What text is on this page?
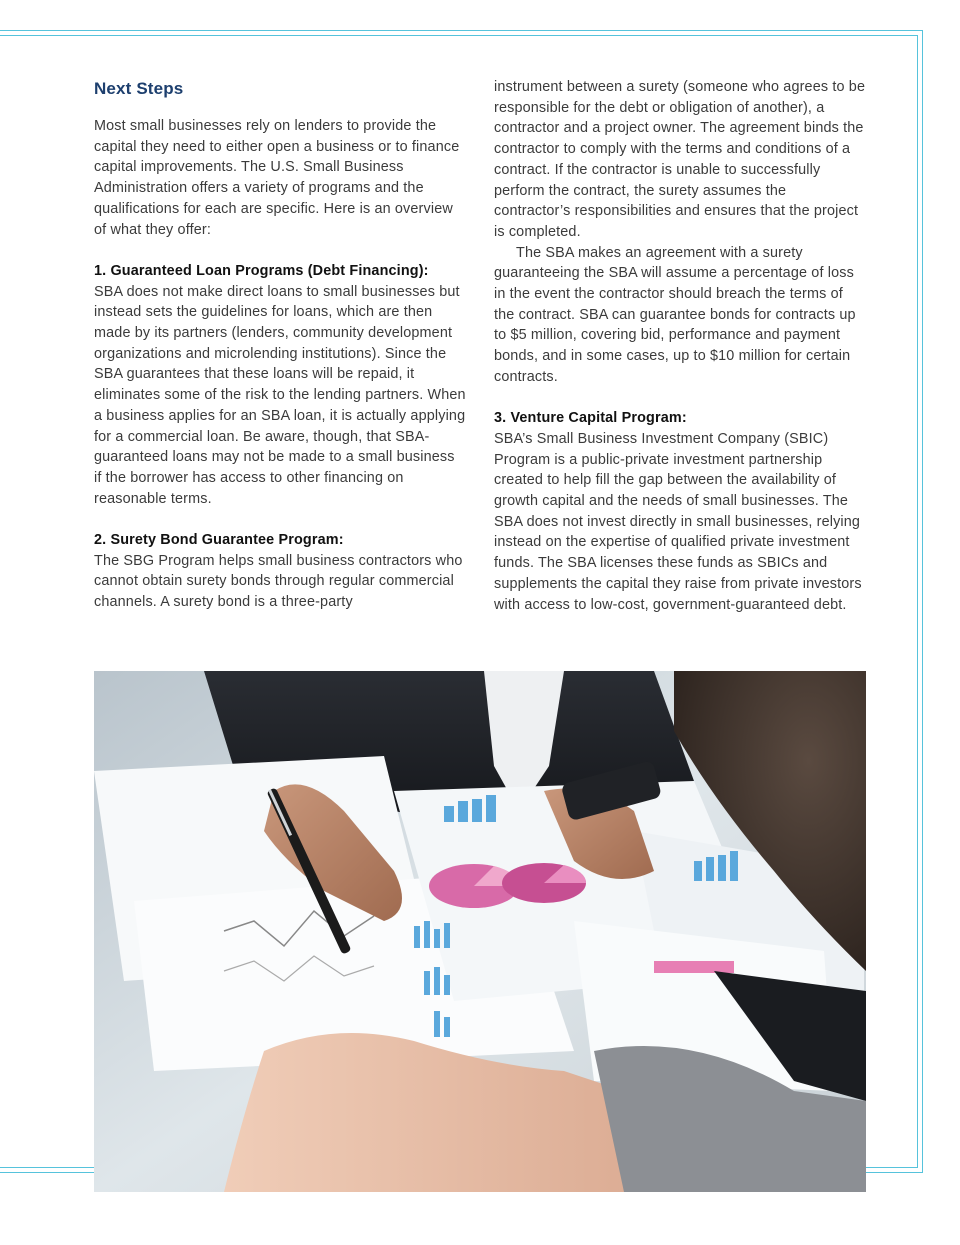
Next Steps

Most small businesses rely on lenders to provide the capital they need to either open a business or to finance capital improvements. The U.S. Small Business Administration offers a variety of programs and the qualifications for each are specific. Here is an overview of what they offer:

1. Guaranteed Loan Programs (Debt Financing):

SBA does not make direct loans to small businesses but instead sets the guidelines for loans, which are then made by its partners (lenders, community development organizations and microlending institutions). Since the SBA guarantees that these loans will be repaid, it eliminates some of the risk to the lending partners. When a business applies for an SBA loan, it is actually applying for a commercial loan. Be aware, though, that SBA-guaranteed loans may not be made to a small business if the borrower has access to other financing on reasonable terms.

2. Surety Bond Guarantee Program:

The SBG Program helps small business contractors who cannot obtain surety bonds through regular commercial channels. A surety bond is a three-party

instrument between a surety (someone who agrees to be responsible for the debt or obligation of another), a contractor and a project owner. The agreement binds the contractor to comply with the terms and conditions of a contract. If the contractor is unable to successfully perform the contract, the surety assumes the contractor’s responsibilities and ensures that the project is completed.

The SBA makes an agreement with a surety guaranteeing the SBA will assume a percentage of loss in the event the contractor should breach the terms of the contract. SBA can guarantee bonds for contracts up to $5 million, covering bid, performance and payment bonds, and in some cases, up to $10 million for certain contracts.

3. Venture Capital Program:

SBA’s Small Business Investment Company (SBIC) Program is a public-private investment partnership created to help fill the gap between the availability of growth capital and the needs of small businesses. The SBA does not invest directly in small businesses, relying instead on the expertise of qualified private investment funds. The SBA licenses these funds as SBICs and supplements the capital they raise from private investors with access to low-cost, government-guaranteed debt.
